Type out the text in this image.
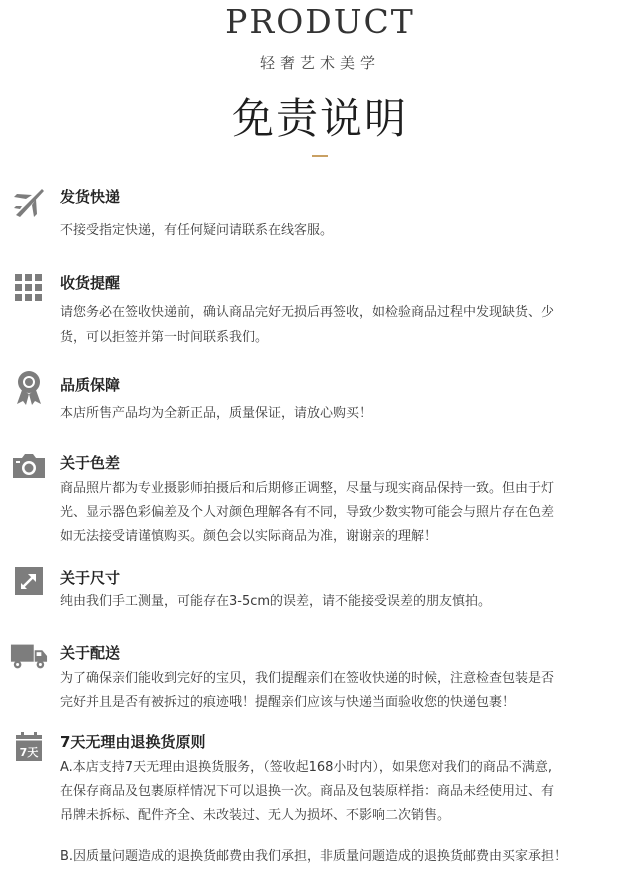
PRODUCT
轻奢艺术美学
免责说明
发货快递
不接受指定快递，有任何疑问请联系在线客服。
收货提醒
请您务必在签收快递前，确认商品完好无损后再签收，如检验商品过程中发现缺货、少
货，可以拒签并第一时间联系我们。
品质保障
本店所售产品均为全新正品，质量保证，请放心购买！
关于色差
商品照片都为专业摄影师拍摄后和后期修正调整，尽量与现实商品保持一致。但由于灯
光、显示器色彩偏差及个人对颜色理解各有不同，导致少数实物可能会与照片存在色差
如无法接受请谨慎购买。颜色会以实际商品为准，谢谢亲的理解！
关于尺寸
纯由我们手工测量，可能存在3-5cm的误差，请不能接受误差的朋友慎拍。
关于配送
为了确保亲们能收到完好的宝贝，我们提醒亲们在签收快递的时候，注意检查包装是否
完好并且是否有被拆过的痕迹哦！提醒亲们应该与快递当面验收您的快递包裹！
7天
7天无理由退换货原则
A.本店支持7天无理由退换货服务，（签收起168小时内），如果您对我们的商品不满意,
在保存商品及包裹原样情况下可以退换一次。商品及包装原样指：商品未经使用过、有
吊牌未拆标、配件齐全、未改装过、无人为损坏、不影响二次销售。
B.因质量问题造成的退换货邮费由我们承担，非质量问题造成的退换货邮费由买家承担！
